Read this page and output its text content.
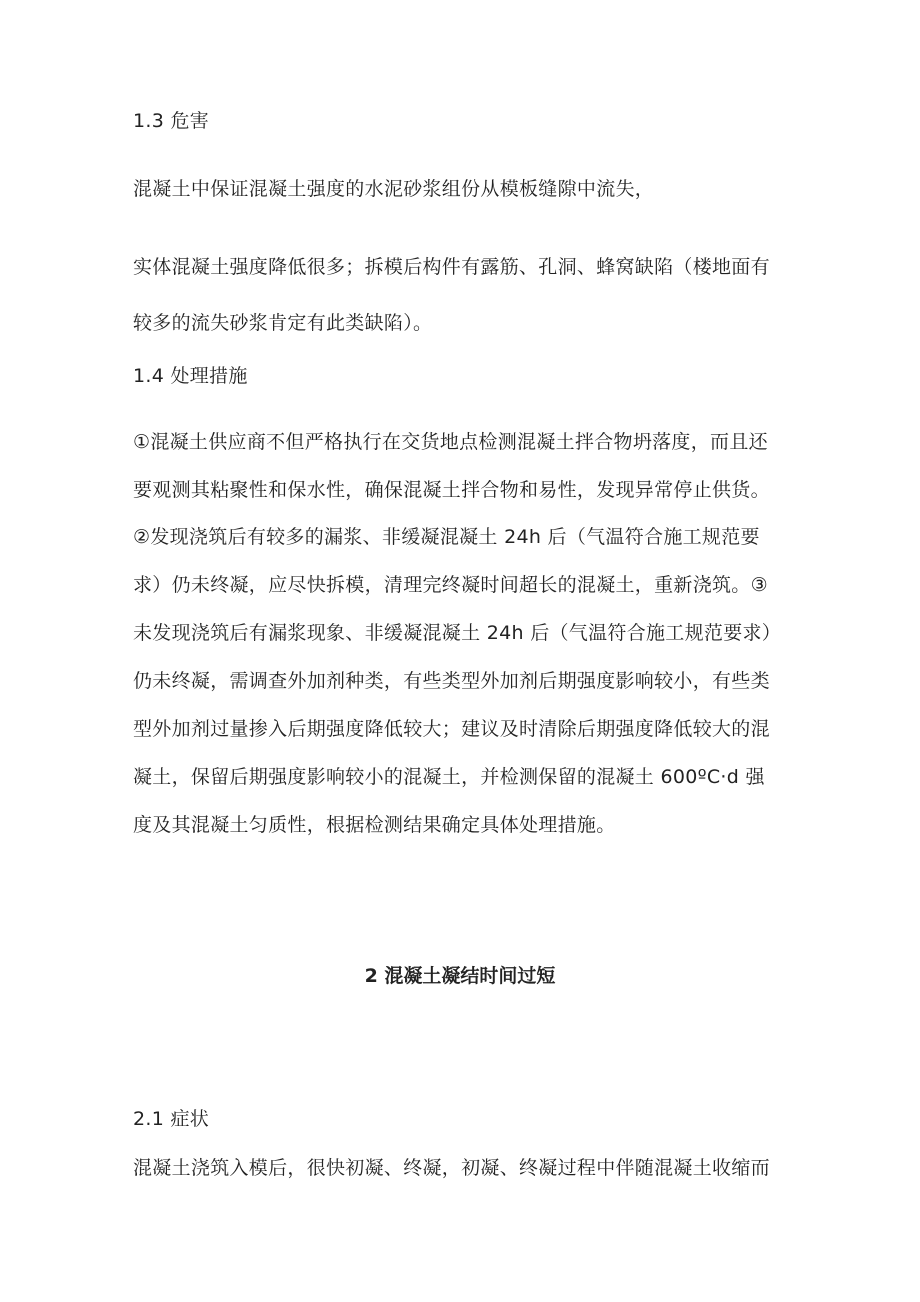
1.3 危害
混凝土中保证混凝土强度的水泥砂浆组份从模板缝隙中流失，
实体混凝土强度降低很多；拆模后构件有露筋、孔洞、蜂窝缺陷（楼地面有
较多的流失砂浆肯定有此类缺陷）。
1.4 处理措施
①混凝土供应商不但严格执行在交货地点检测混凝土拌合物坍落度，而且还
要观测其粘聚性和保水性，确保混凝土拌合物和易性，发现异常停止供货。
②发现浇筑后有较多的漏浆、非缓凝混凝土 24h 后（气温符合施工规范要
求）仍未终凝，应尽快拆模，清理完终凝时间超长的混凝土，重新浇筑。③
未发现浇筑后有漏浆现象、非缓凝混凝土 24h 后（气温符合施工规范要求）
仍未终凝，需调查外加剂种类，有些类型外加剂后期强度影响较小，有些类
型外加剂过量掺入后期强度降低较大；建议及时清除后期强度降低较大的混
凝土，保留后期强度影响较小的混凝土，并检测保留的混凝土 600ºC·d 强
度及其混凝土匀质性，根据检测结果确定具体处理措施。
2 混凝土凝结时间过短
2.1 症状
混凝土浇筑入模后，很快初凝、终凝，初凝、终凝过程中伴随混凝土收缩而
